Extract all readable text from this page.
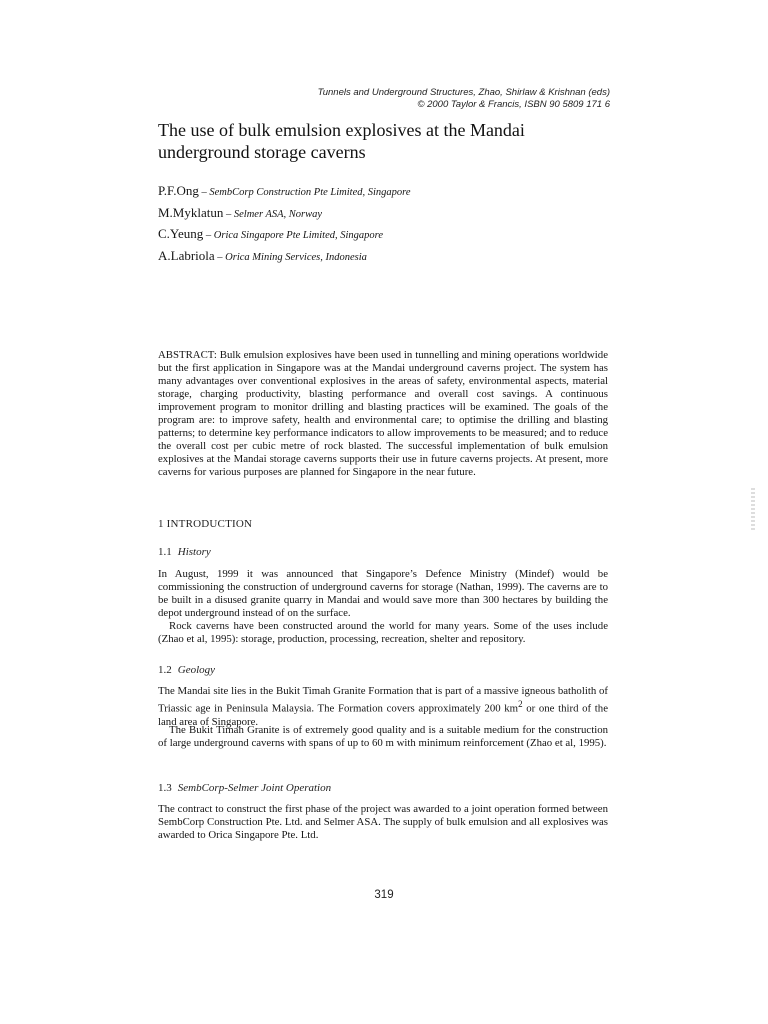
Tunnels and Underground Structures, Zhao, Shirlaw & Krishnan (eds)
© 2000 Taylor & Francis, ISBN 90 5809 171 6
The use of bulk emulsion explosives at the Mandai underground storage caverns
P.F.Ong – SembCorp Construction Pte Limited, Singapore
M.Myklatun – Selmer ASA, Norway
C.Yeung – Orica Singapore Pte Limited, Singapore
A.Labriola – Orica Mining Services, Indonesia

ABSTRACT: Bulk emulsion explosives have been used in tunnelling and mining operations worldwide but the first application in Singapore was at the Mandai underground caverns project. The system has many advantages over conventional explosives in the areas of safety, environmental aspects, material storage, charging productivity, blasting performance and overall cost savings. A continuous improvement program to monitor drilling and blasting practices will be examined. The goals of the program are: to improve safety, health and environmental care; to optimise the drilling and blasting patterns; to determine key performance indicators to allow improvements to be measured; and to reduce the overall cost per cubic metre of rock blasted. The successful implementation of bulk emulsion explosives at the Mandai storage caverns supports their use in future caverns projects. At present, more caverns for various purposes are planned for Singapore in the near future.

1 INTRODUCTION
1.1 History

In August, 1999 it was announced that Singapore’s Defence Ministry (Mindef) would be commissioning the construction of underground caverns for storage (Nathan, 1999). The caverns are to be built in a disused granite quarry in Mandai and would save more than 300 hectares by building the depot underground instead of on the surface.

Rock caverns have been constructed around the world for many years. Some of the uses include (Zhao et al, 1995): storage, production, processing, recreation, shelter and repository.

1.2 Geology

The Mandai site lies in the Bukit Timah Granite Formation that is part of a massive igneous batholith of Triassic age in Peninsula Malaysia. The Formation covers approximately 200 $km^2$ or one third of the land area of Singapore.

The Bukit Timah Granite is of extremely good quality and is a suitable medium for the construction of large underground caverns with spans of up to 60 m with minimum reinforcement (Zhao et al, 1995).

1.3 SembCorp-Selmer Joint Operation

The contract to construct the first phase of the project was awarded to a joint operation formed between SembCorp Construction Pte. Ltd. and Selmer ASA. The supply of bulk emulsion and all explosives was awarded to Orica Singapore Pte. Ltd.

319
